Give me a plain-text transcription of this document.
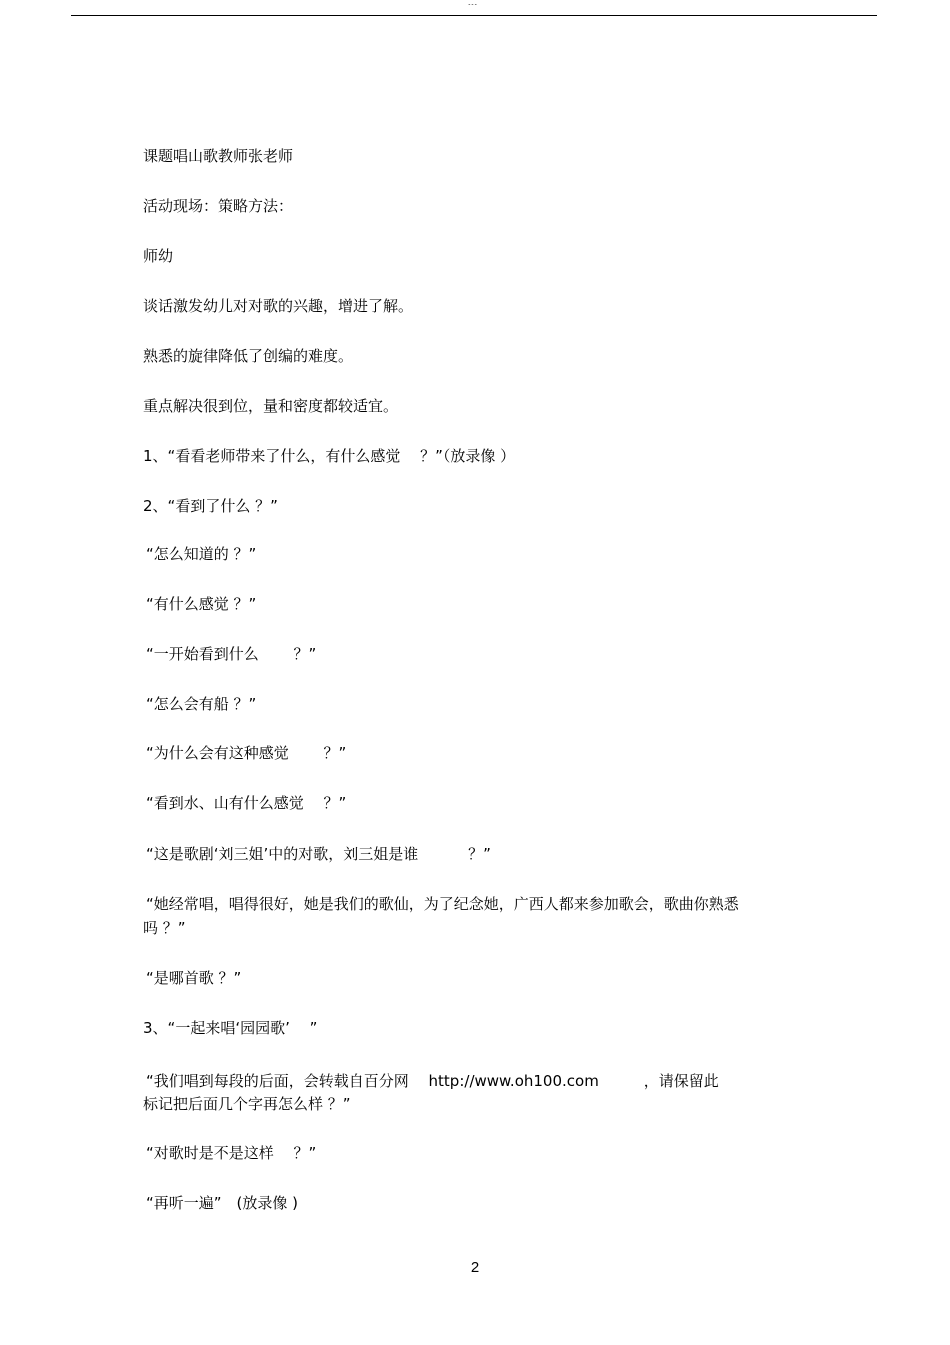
---
课题唱山歌教师张老师
活动现场：策略方法：
师幼
谈话激发幼儿对对歌的兴趣，增进了解。
熟悉的旋律降低了创编的难度。
重点解决很到位，量和密度都较适宜。
1、“看看老师带来了什么，有什么感觉　 ？”（放录像 ）
2、“看到了什么 ？”
“怎么知道的 ？”
“有什么感觉 ？”
“一开始看到什么　　 ？”
“怎么会有船 ？”
“为什么会有这种感觉　　 ？”
“看到水、山有什么感觉　 ？”
“这是歌剧‘刘三姐’中的对歌，刘三姐是谁　　　 ？”
“她经常唱，唱得很好，她是我们的歌仙，为了纪念她，广西人都来参加歌会，歌曲你熟悉
吗 ？”
“是哪首歌 ？”
3、“一起来唱‘园园歌’　 ”
“我们唱到每段的后面，会转载自百分网　 http://www.oh100.com　　　，请保留此
标记把后面几个字再怎么样 ？”
“对歌时是不是这样　 ？”
“再听一遍”　(放录像 )
2
